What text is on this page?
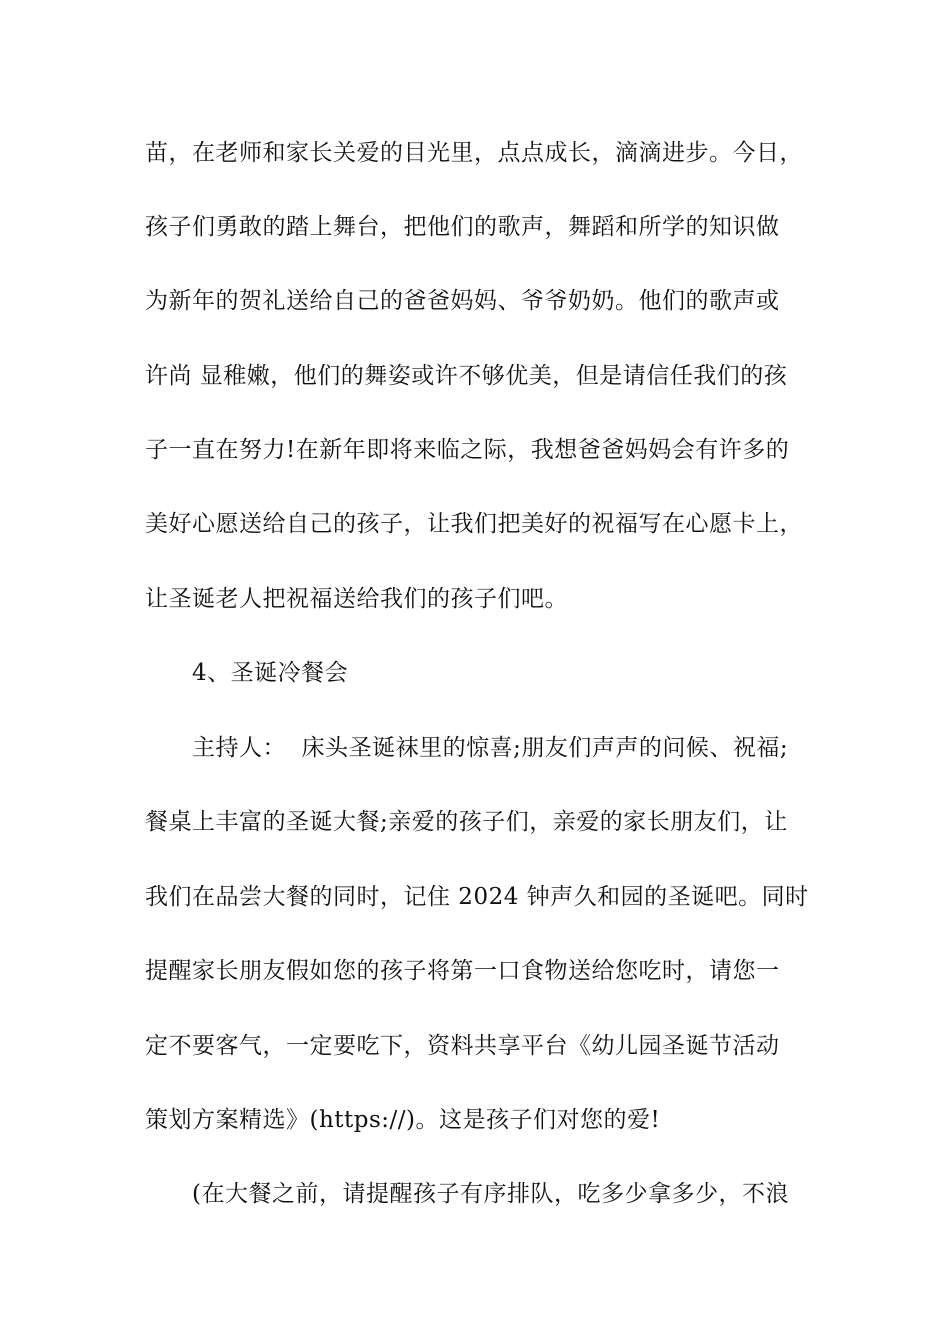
苗，在老师和家长关爱的目光里，点点成长，滴滴进步。今日，
孩子们勇敢的踏上舞台，把他们的歌声，舞蹈和所学的知识做
为新年的贺礼送给自己的爸爸妈妈、爷爷奶奶。他们的歌声或
许尚 显稚嫩，他们的舞姿或许不够优美，但是请信任我们的孩
子一直在努力!在新年即将来临之际，我想爸爸妈妈会有许多的
美好心愿送给自己的孩子，让我们把美好的祝福写在心愿卡上，
让圣诞老人把祝福送给我们的孩子们吧。
4、圣诞冷餐会
主持人：  床头圣诞袜里的惊喜;朋友们声声的问候、祝福;
餐桌上丰富的圣诞大餐;亲爱的孩子们，亲爱的家长朋友们，让
我们在品尝大餐的同时，记住 2024 钟声久和园的圣诞吧。同时
提醒家长朋友假如您的孩子将第一口食物送给您吃时，请您一
定不要客气，一定要吃下，资料共享平台《幼儿园圣诞节活动
策划方案精选》(https://)。这是孩子们对您的爱!
(在大餐之前，请提醒孩子有序排队，吃多少拿多少，不浪
